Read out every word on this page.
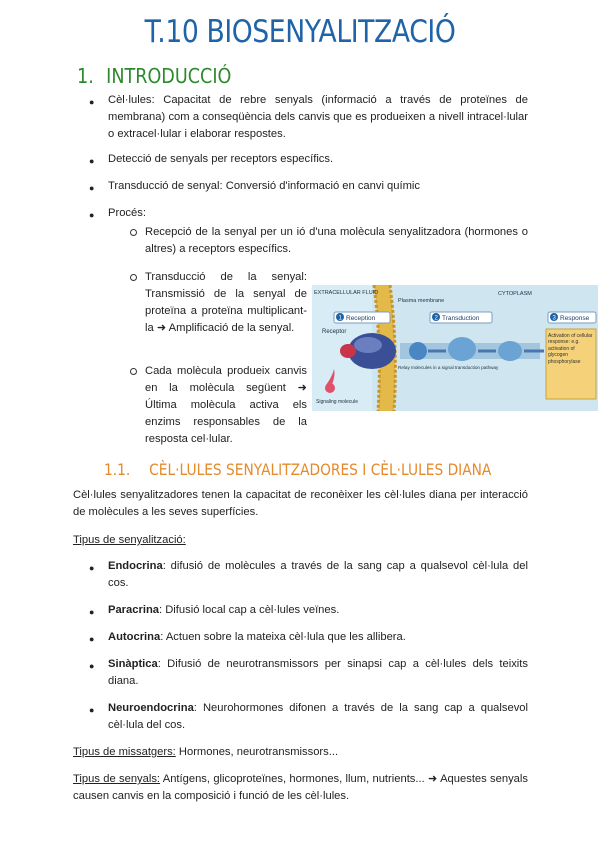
T.10 BIOSENYALITZACIÓ
1. INTRODUCCIÓ
● Cèl·lules: Capacitat de rebre senyals (informació a través de proteïnes de membrana) com a conseqüència dels canvis que es produeixen a nivell intracel·lular o extracel·lular i elaborar respostes.
● Detecció de senyals per receptors específics.
● Transducció de senyal: Conversió d'informació en canvi químic
● Procés:
Recepció de la senyal per un ió d'una molècula senyalitzadora (hormones o altres) a receptors específics.
Transducció de la senyal: Transmissió de la senyal de proteïna a proteïna multiplicant-la ➜ Amplificació de la senyal.
Cada molècula produeix canvis en la molècula següent ➜ Última molècula activa els enzims responsables de la resposta cel·lular.
1	2	3
Reception	Transduction	Response
EXTRACELLULAR FLUID	CYTOPLASM
Plasma membrane
Receptor
Signaling molecule
Relay molecules in a signal transduction pathway
Activation of cellular response: e.g. activation of glycogen phosphorylase
1.1. CÈL·LULES SENYALITZADORES I CÈL·LULES DIANA
Cèl·lules senyalitzadores tenen la capacitat de reconèixer les cèl·lules diana per interacció de molècules a les seves superfícies.
Tipus de senyalització:
● Endocrina: difusió de molècules a través de la sang cap a qualsevol cèl·lula del cos.
● Paracrina: Difusió local cap a cèl·lules veïnes.
● Autocrina: Actuen sobre la mateixa cèl·lula que les allibera.
● Sinàptica: Difusió de neurotransmissors per sinapsi cap a cèl·lules dels teixits diana.
● Neuroendocrina: Neurohormones difonen a través de la sang cap a qualsevol cèl·lula del cos.
Tipus de missatgers: Hormones, neurotransmissors...
Tipus de senyals: Antígens, glicoproteïnes, hormones, llum, nutrients... ➜ Aquestes senyals causen canvis en la composició i funció de les cèl·lules.
